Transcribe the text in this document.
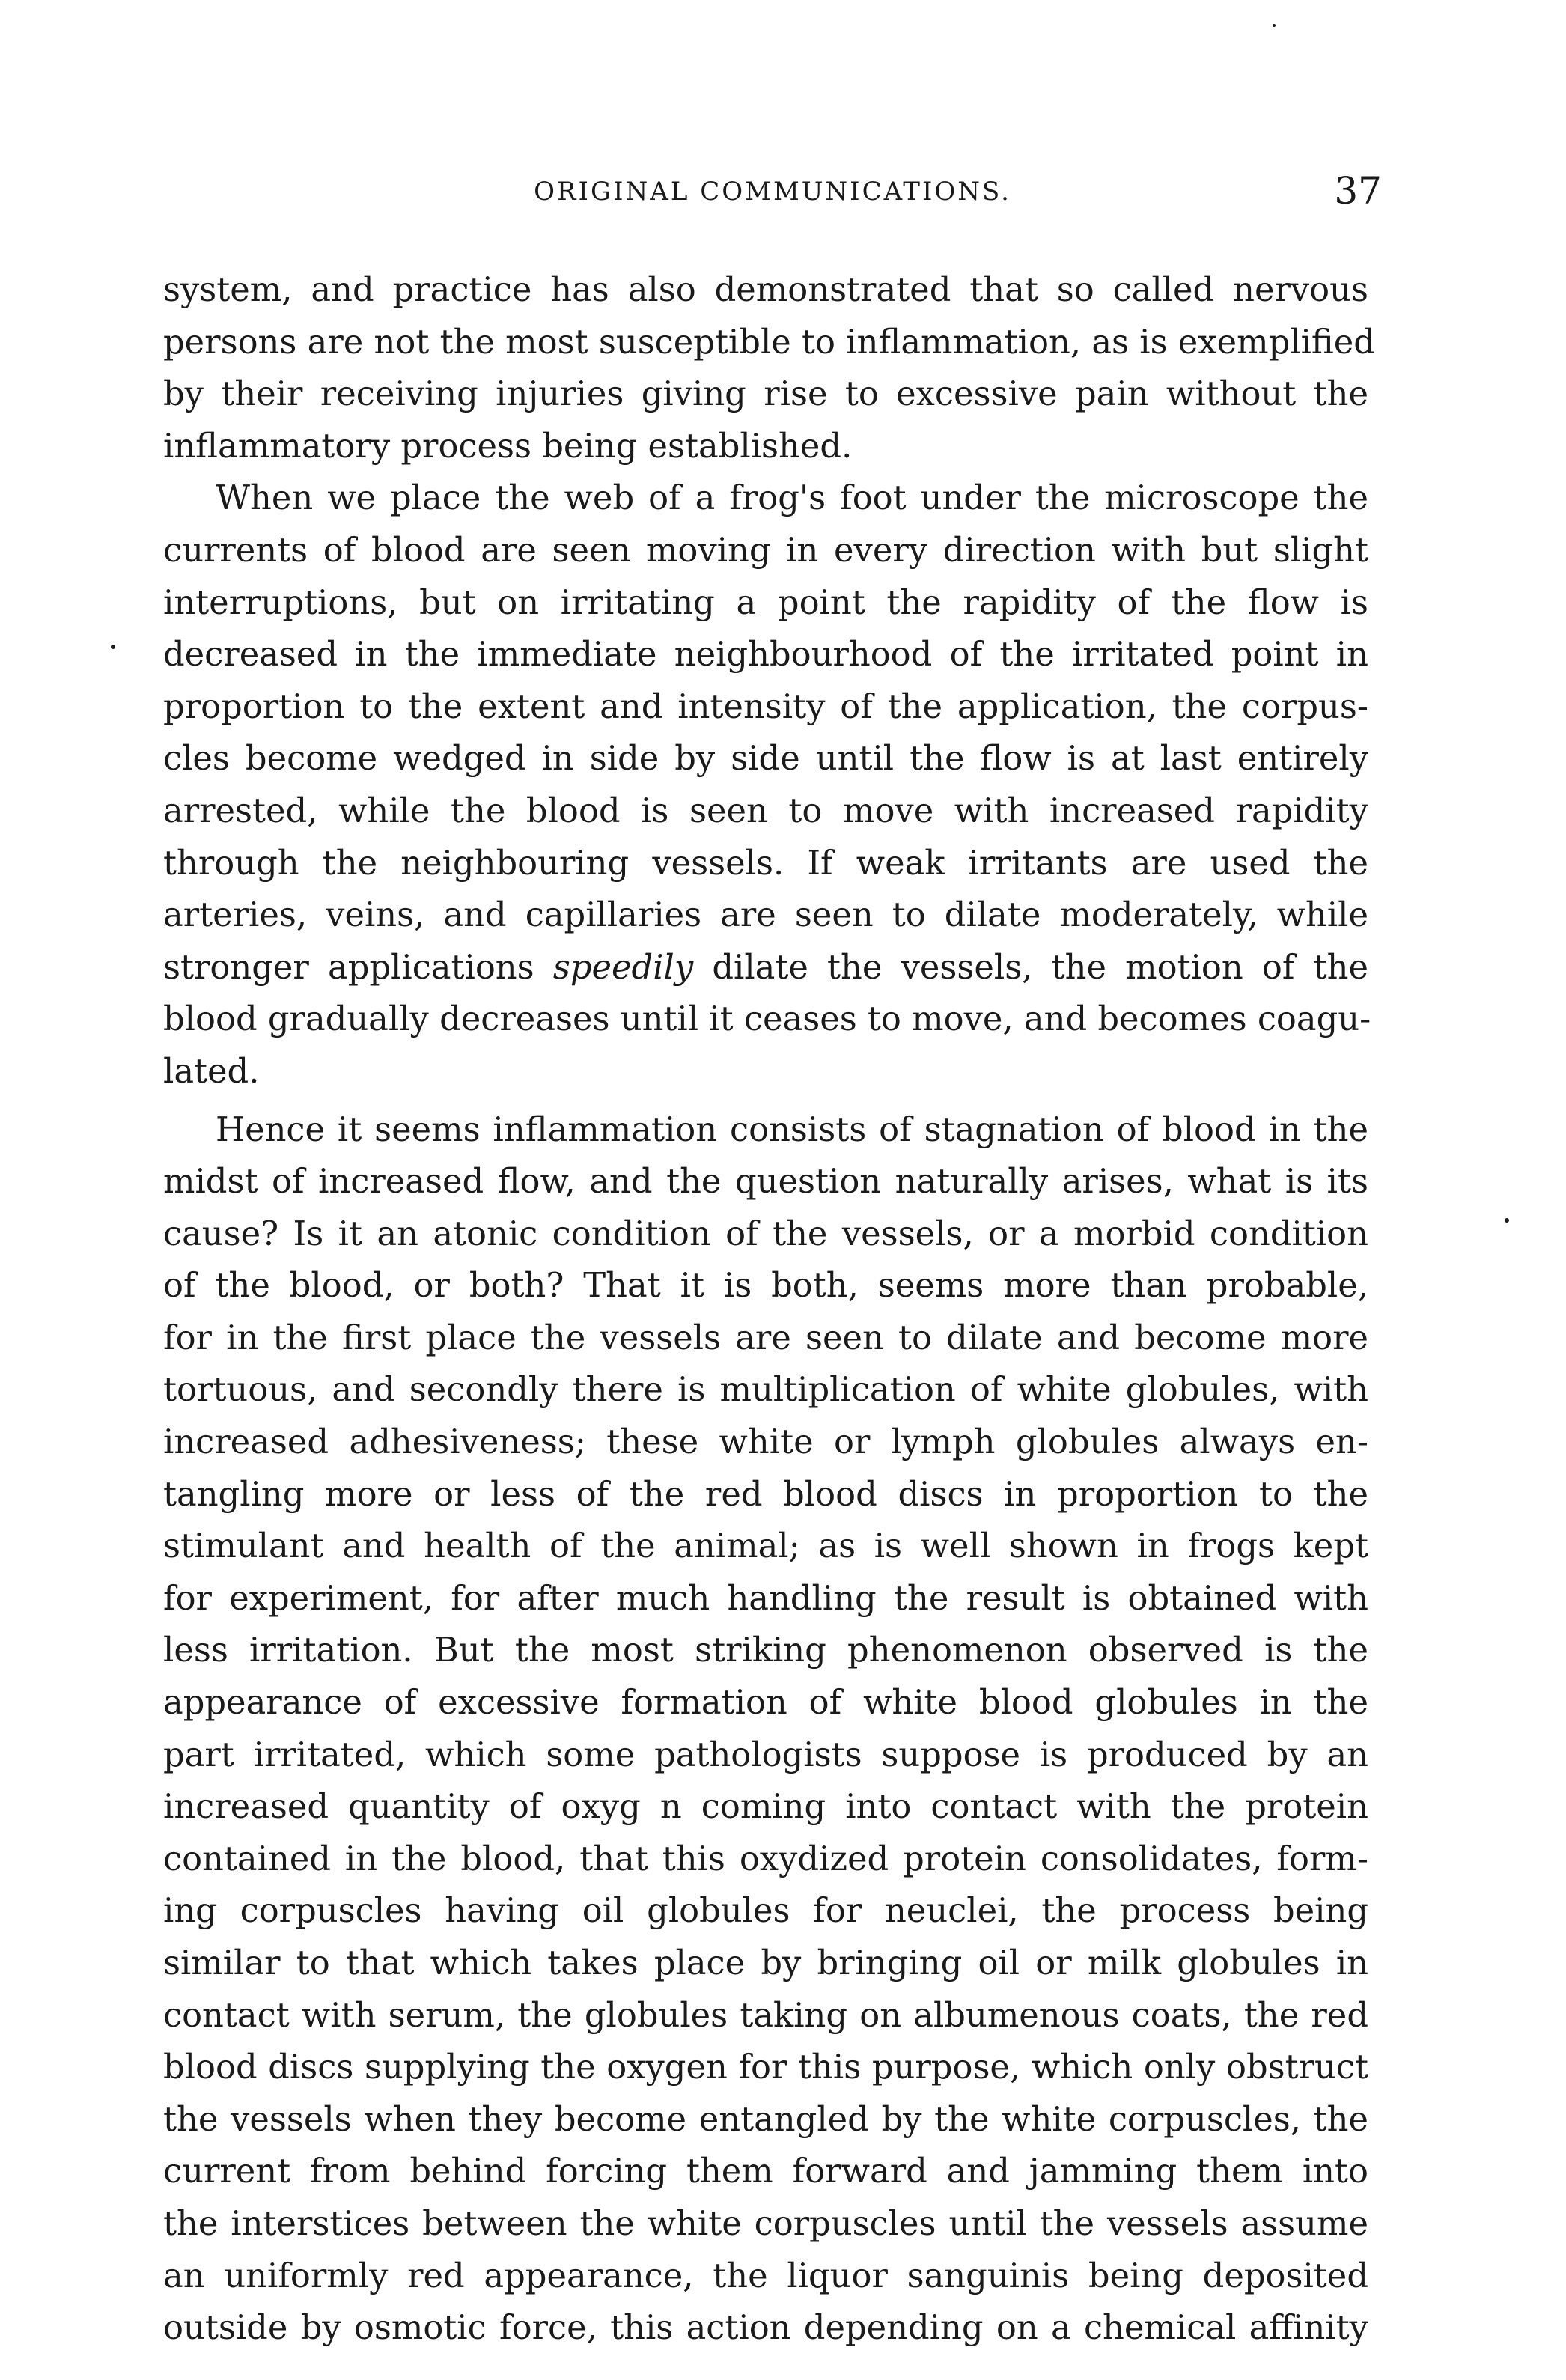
ORIGINAL COMMUNICATIONS.	37
system, and practice has also demonstrated that so called nervous
persons are not the most susceptible to inflammation, as is exemplified
by their receiving injuries giving rise to excessive pain without the
inflammatory process being established.
When we place the web of a frog's foot under the microscope the
currents of blood are seen moving in every direction with but slight
interruptions, but on irritating a point the rapidity of the flow is
decreased in the immediate neighbourhood of the irritated point in
proportion to the extent and intensity of the application, the corpus-
cles become wedged in side by side until the flow is at last entirely
arrested, while the blood is seen to move with increased rapidity
through the neighbouring vessels. If weak irritants are used the
arteries, veins, and capillaries are seen to dilate moderately, while
stronger applications speedily dilate the vessels, the motion of the
blood gradually decreases until it ceases to move, and becomes coagu-
lated.
Hence it seems inflammation consists of stagnation of blood in the
midst of increased flow, and the question naturally arises, what is its
cause? Is it an atonic condition of the vessels, or a morbid condition
of the blood, or both? That it is both, seems more than probable,
for in the first place the vessels are seen to dilate and become more
tortuous, and secondly there is multiplication of white globules, with
increased adhesiveness; these white or lymph globules always en-
tangling more or less of the red blood discs in proportion to the
stimulant and health of the animal; as is well shown in frogs kept
for experiment, for after much handling the result is obtained with
less irritation. But the most striking phenomenon observed is the
appearance of excessive formation of white blood globules in the
part irritated, which some pathologists suppose is produced by an
increased quantity of oxyg n coming into contact with the protein
contained in the blood, that this oxydized protein consolidates, form-
ing corpuscles having oil globules for neuclei, the process being
similar to that which takes place by bringing oil or milk globules in
contact with serum, the globules taking on albumenous coats, the red
blood discs supplying the oxygen for this purpose, which only obstruct
the vessels when they become entangled by the white corpuscles, the
current from behind forcing them forward and jamming them into
the interstices between the white corpuscles until the vessels assume
an uniformly red appearance, the liquor sanguinis being deposited
outside by osmotic force, this action depending on a chemical affinity
